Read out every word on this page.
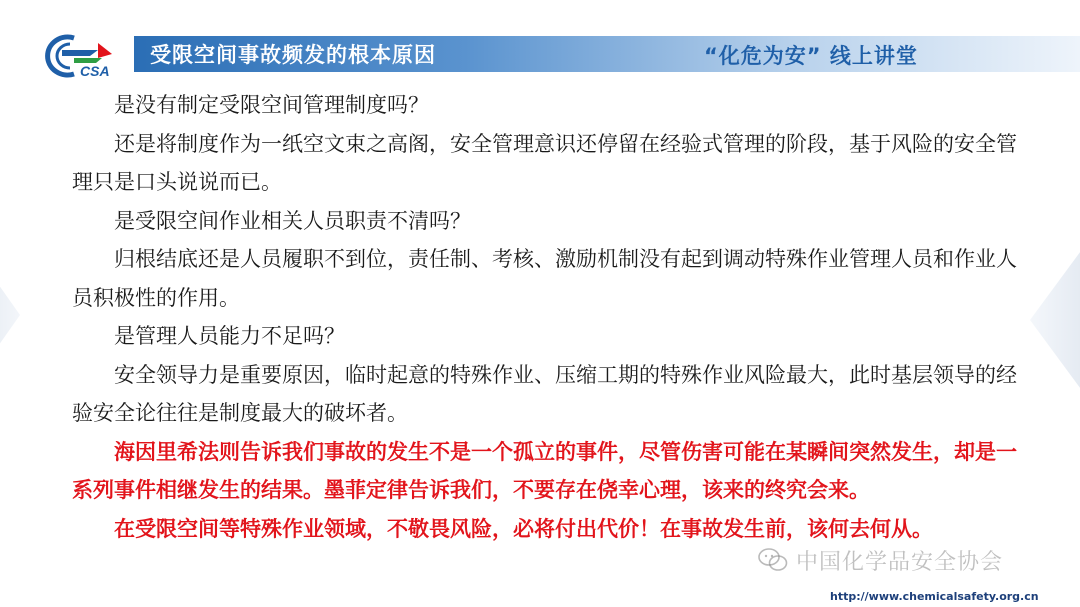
CSA
受限空间事故频发的根本原因	“化危为安” 线上讲堂

是没有制定受限空间管理制度吗？

还是将制度作为一纸空文束之高阁，安全管理意识还停留在经验式管理的阶段，基于风险的安全管理只是口头说说而已。

是受限空间作业相关人员职责不清吗？

归根结底还是人员履职不到位，责任制、考核、激励机制没有起到调动特殊作业管理人员和作业人员积极性的作用。

是管理人员能力不足吗？

安全领导力是重要原因，临时起意的特殊作业、压缩工期的特殊作业风险最大，此时基层领导的经验安全论往往是制度最大的破坏者。

海因里希法则告诉我们事故的发生不是一个孤立的事件，尽管伤害可能在某瞬间突然发生，却是一系列事件相继发生的结果。墨菲定律告诉我们，不要存在侥幸心理，该来的终究会来。

在受限空间等特殊作业领域，不敬畏风险，必将付出代价！在事故发生前，该何去何从。

中国化学品安全协会
http://www.chemicalsafety.org.cn
